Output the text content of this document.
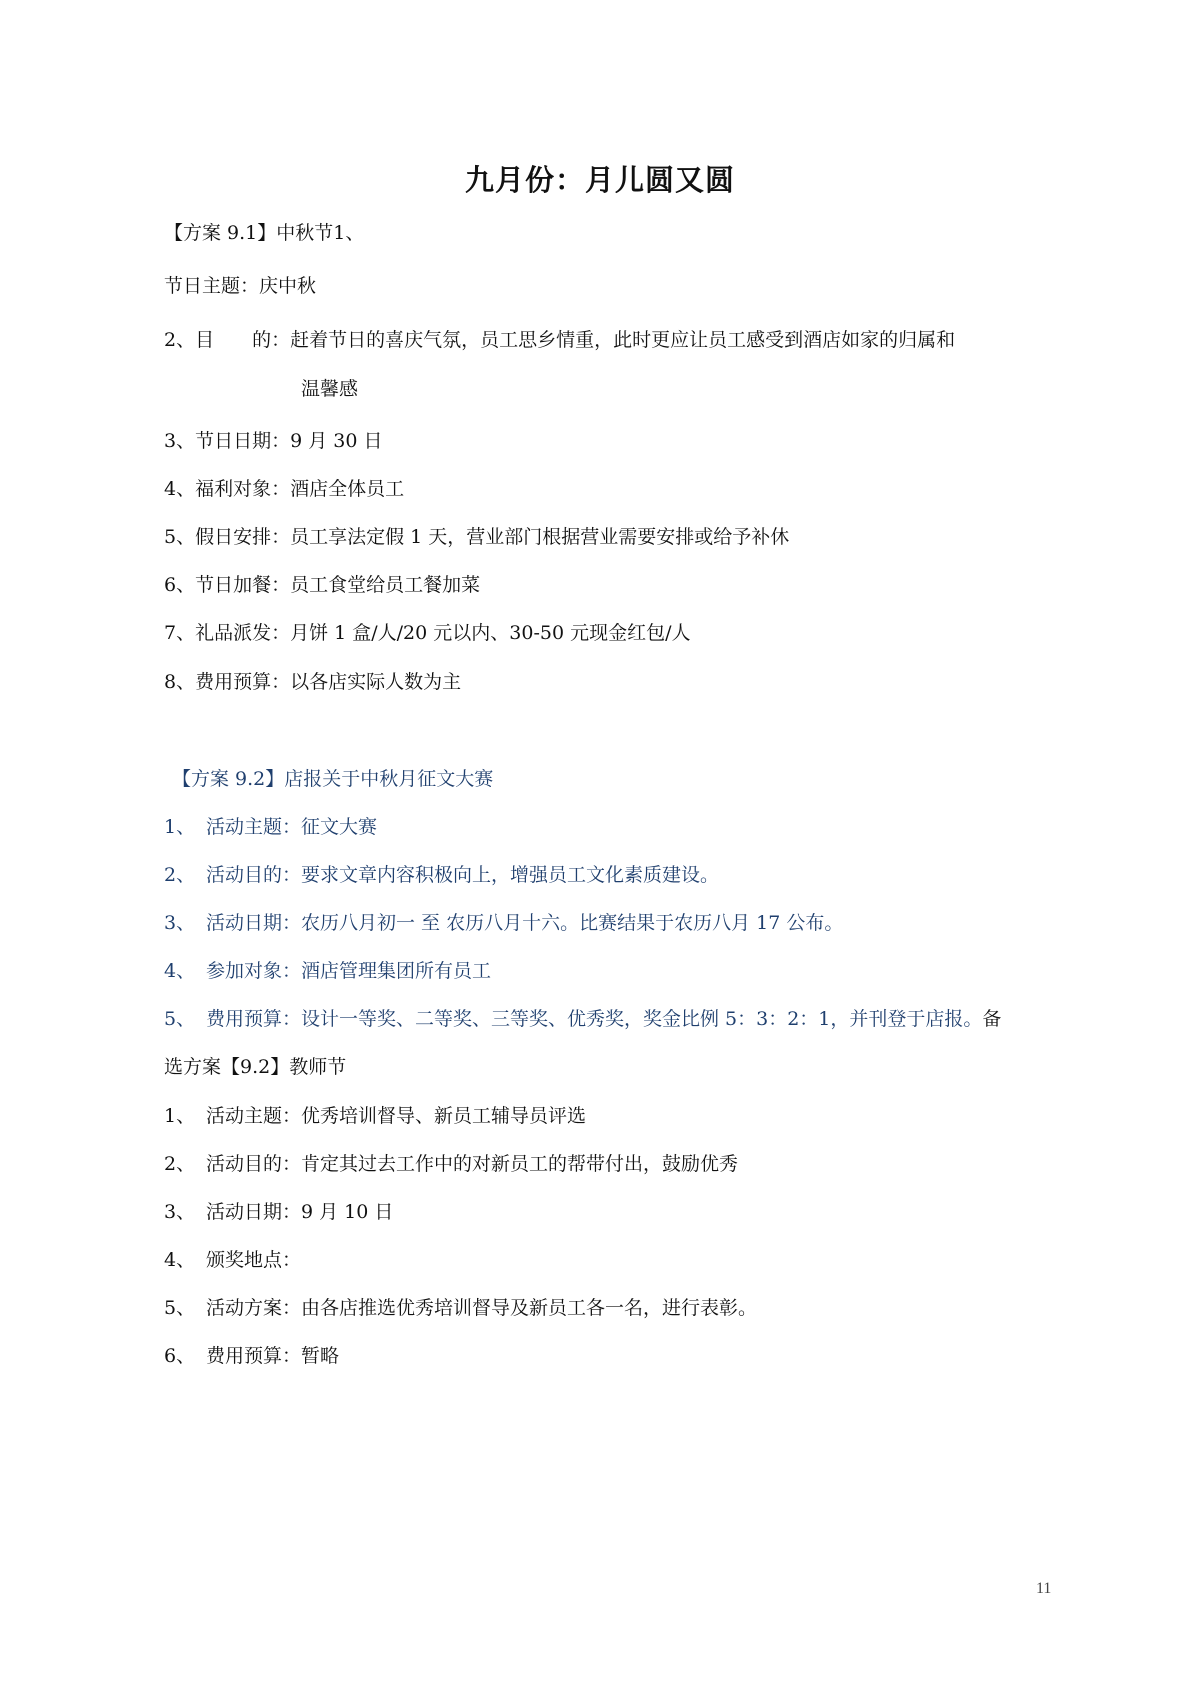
九月份：月儿圆又圆

【方案 9.1】中秋节1、

节日主题：庆中秋

2、目　　的：赶着节日的喜庆气氛，员工思乡情重，此时更应让员工感受到酒店如家的归属和

温馨感

3、节日日期：9 月 30 日

4、福利对象：酒店全体员工

5、假日安排：员工享法定假 1 天，营业部门根据营业需要安排或给予补休

6、节日加餐：员工食堂给员工餐加菜

7、礼品派发：月饼 1 盒/人/20 元以内、30-50 元现金红包/人

8、费用预算：以各店实际人数为主

【方案 9.2】店报关于中秋月征文大赛

1、 活动主题：征文大赛

2、 活动目的：要求文章内容积极向上，增强员工文化素质建设。

3、 活动日期：农历八月初一 至 农历八月十六。比赛结果于农历八月 17 公布。

4、 参加对象：酒店管理集团所有员工

5、 费用预算：设计一等奖、二等奖、三等奖、优秀奖，奖金比例 5：3：2：1，并刊登于店报。备

选方案【9.2】教师节

1、 活动主题：优秀培训督导、新员工辅导员评选

2、 活动目的：肯定其过去工作中的对新员工的帮带付出，鼓励优秀

3、 活动日期：9 月 10 日

4、 颁奖地点：

5、 活动方案：由各店推选优秀培训督导及新员工各一名，进行表彰。

6、 费用预算：暂略

11
